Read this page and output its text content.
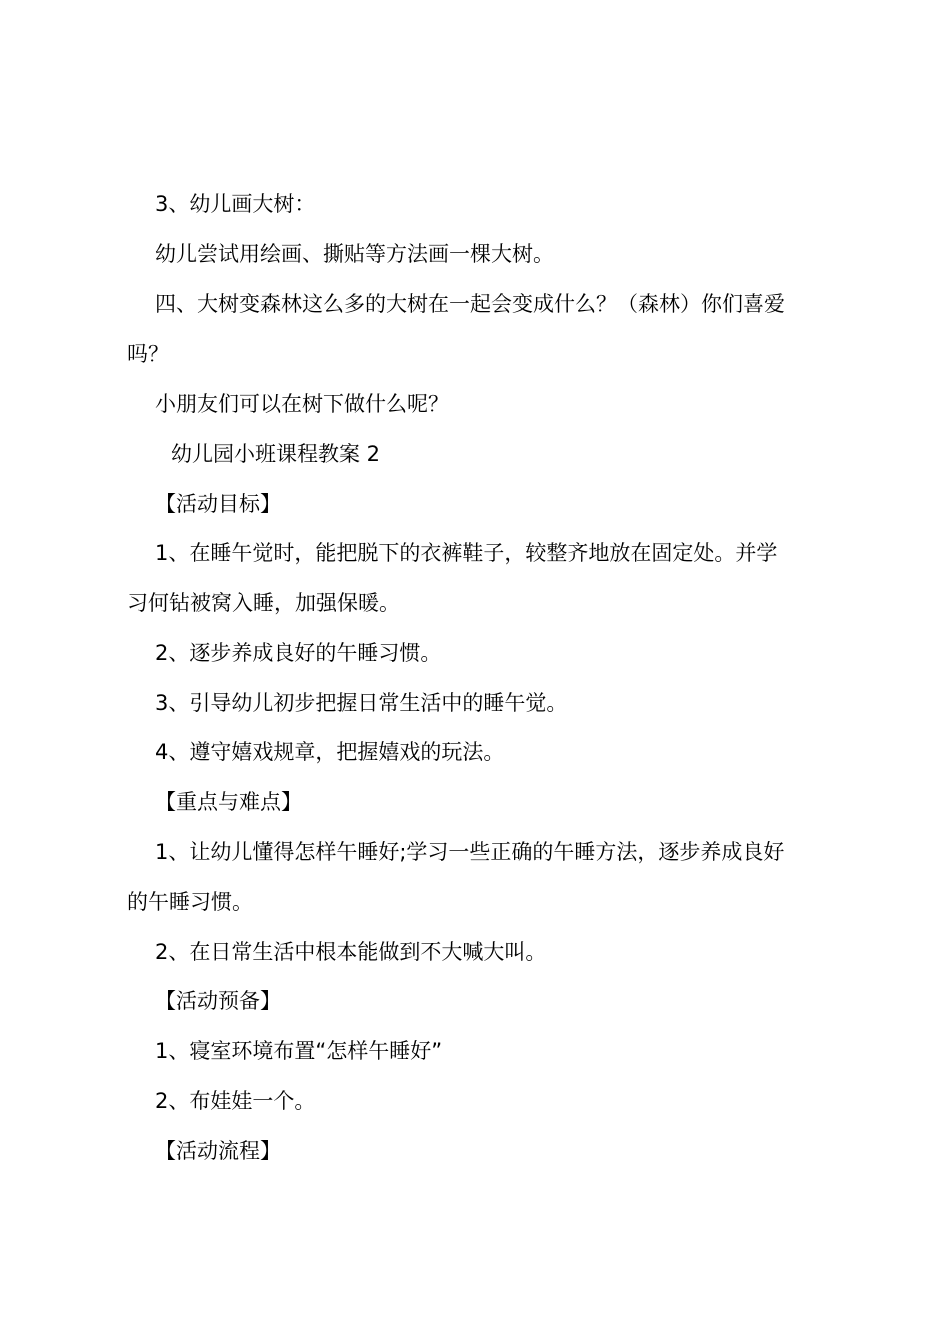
3、幼儿画大树：
幼儿尝试用绘画、撕贴等方法画一棵大树。
四、大树变森林这么多的大树在一起会变成什么？（森林）你们喜爱
吗？
小朋友们可以在树下做什么呢？
幼儿园小班课程教案 2
【活动目标】
1、在睡午觉时，能把脱下的衣裤鞋子，较整齐地放在固定处。并学
习何钻被窝入睡，加强保暖。
2、逐步养成良好的午睡习惯。
3、引导幼儿初步把握日常生活中的睡午觉。
4、遵守嬉戏规章，把握嬉戏的玩法。
【重点与难点】
1、让幼儿懂得怎样午睡好;学习一些正确的午睡方法，逐步养成良好
的午睡习惯。
2、在日常生活中根本能做到不大喊大叫。
【活动预备】
1、寝室环境布置“怎样午睡好”
2、布娃娃一个。
【活动流程】
